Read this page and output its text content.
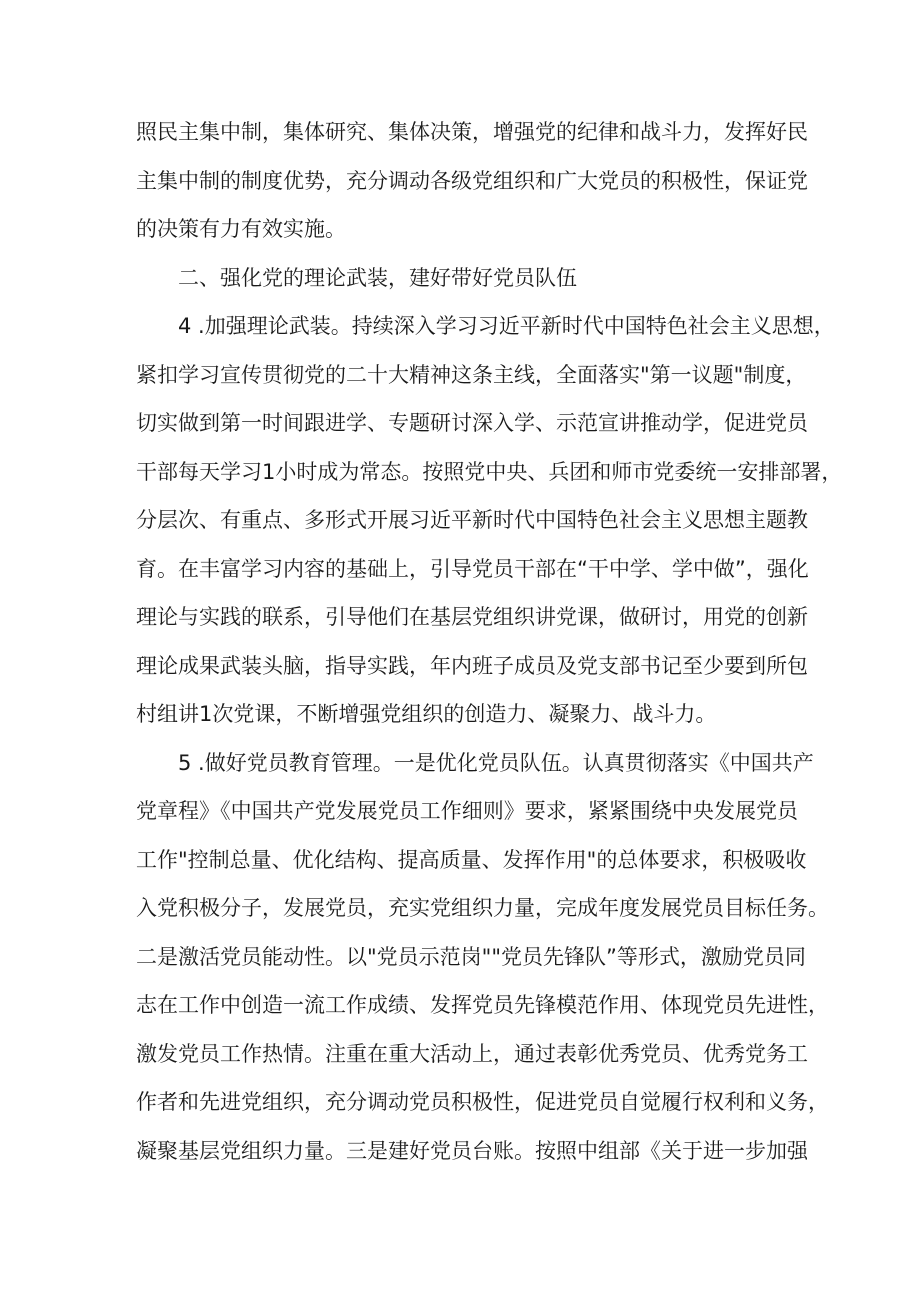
照民主集中制，集体研究、集体决策，增强党的纪律和战斗力，发挥好民
主集中制的制度优势，充分调动各级党组织和广大党员的积极性，保证党
的决策有力有效实施。
二、强化党的理论武装，建好带好党员队伍
4 .加强理论武装。持续深入学习习近平新时代中国特色社会主义思想，
紧扣学习宣传贯彻党的二十大精神这条主线，全面落实"第一议题"制度，
切实做到第一时间跟进学、专题研讨深入学、示范宣讲推动学，促进党员
干部每天学习1小时成为常态。按照党中央、兵团和师市党委统一安排部署，
分层次、有重点、多形式开展习近平新时代中国特色社会主义思想主题教
育。在丰富学习内容的基础上，引导党员干部在“干中学、学中做”，强化
理论与实践的联系，引导他们在基层党组织讲党课，做研讨，用党的创新
理论成果武装头脑，指导实践，年内班子成员及党支部书记至少要到所包
村组讲1次党课，不断增强党组织的创造力、凝聚力、战斗力。
5 .做好党员教育管理。一是优化党员队伍。认真贯彻落实《中国共产
党章程》《中国共产党发展党员工作细则》要求，紧紧围绕中央发展党员
工作"控制总量、优化结构、提高质量、发挥作用"的总体要求，积极吸收
入党积极分子，发展党员，充实党组织力量，完成年度发展党员目标任务。
二是激活党员能动性。以"党员示范岗""党员先锋队”等形式，激励党员同
志在工作中创造一流工作成绩、发挥党员先锋模范作用、体现党员先进性，
激发党员工作热情。注重在重大活动上，通过表彰优秀党员、优秀党务工
作者和先进党组织，充分调动党员积极性，促进党员自觉履行权利和义务，
凝聚基层党组织力量。三是建好党员台账。按照中组部《关于进一步加强
